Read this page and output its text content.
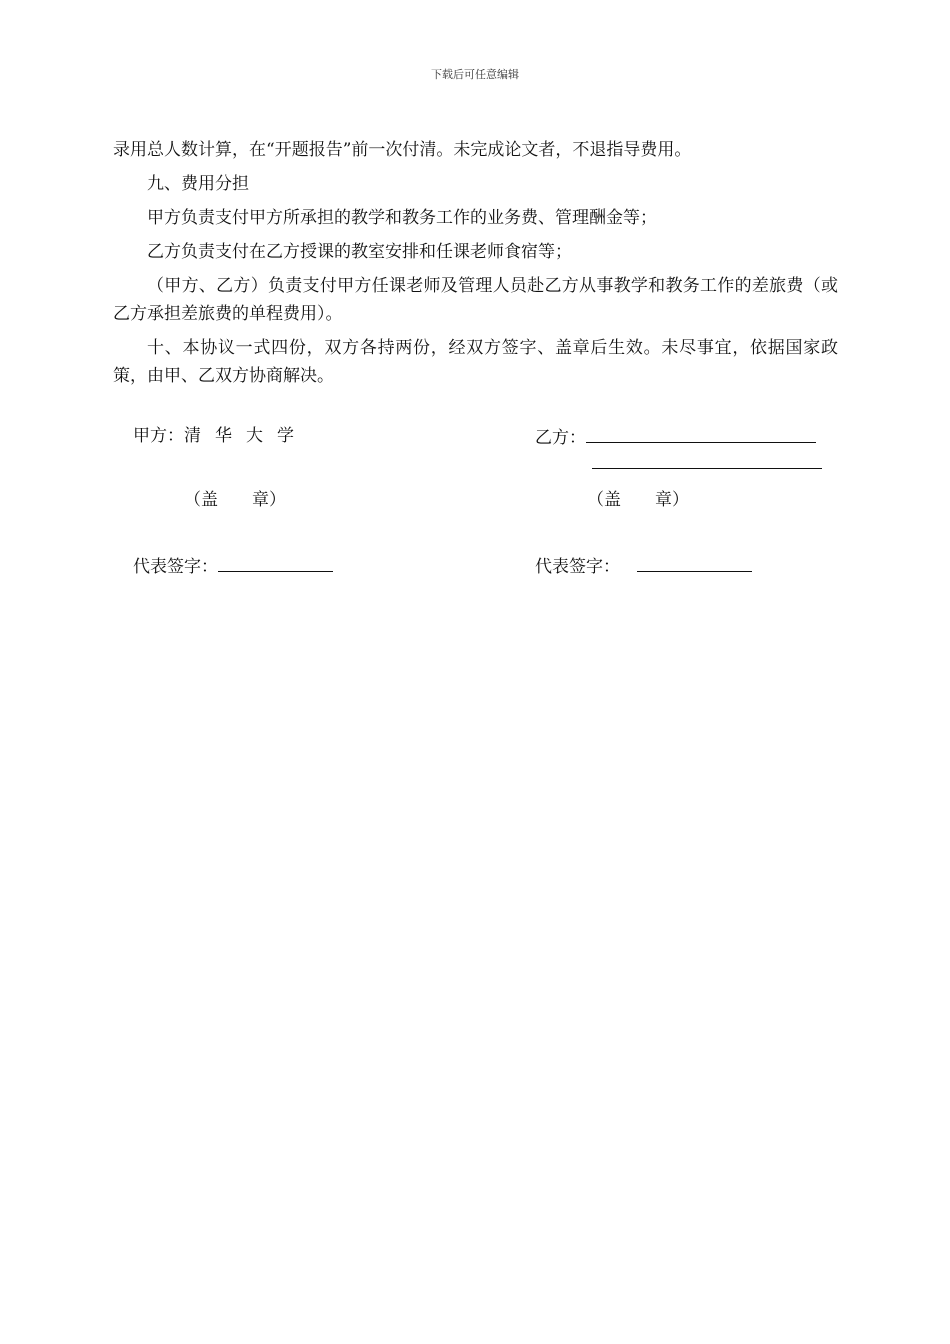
下载后可任意编辑

录用总人数计算，在“开题报告”前一次付清。未完成论文者，不退指导费用。

九、费用分担

甲方负责支付甲方所承担的教学和教务工作的业务费、管理酬金等；

乙方负责支付在乙方授课的教室安排和任课老师食宿等；

（甲方、乙方）负责支付甲方任课老师及管理人员赴乙方从事教学和教务工作的差旅费（或乙方承担差旅费的单程费用）。

十、本协议一式四份，双方各持两份，经双方签字、盖章后生效。未尽事宜，依据国家政策，由甲、乙双方协商解决。

甲方：清华大学	乙方：
（盖　　章）	（盖　　章）
代表签字：	代表签字：
